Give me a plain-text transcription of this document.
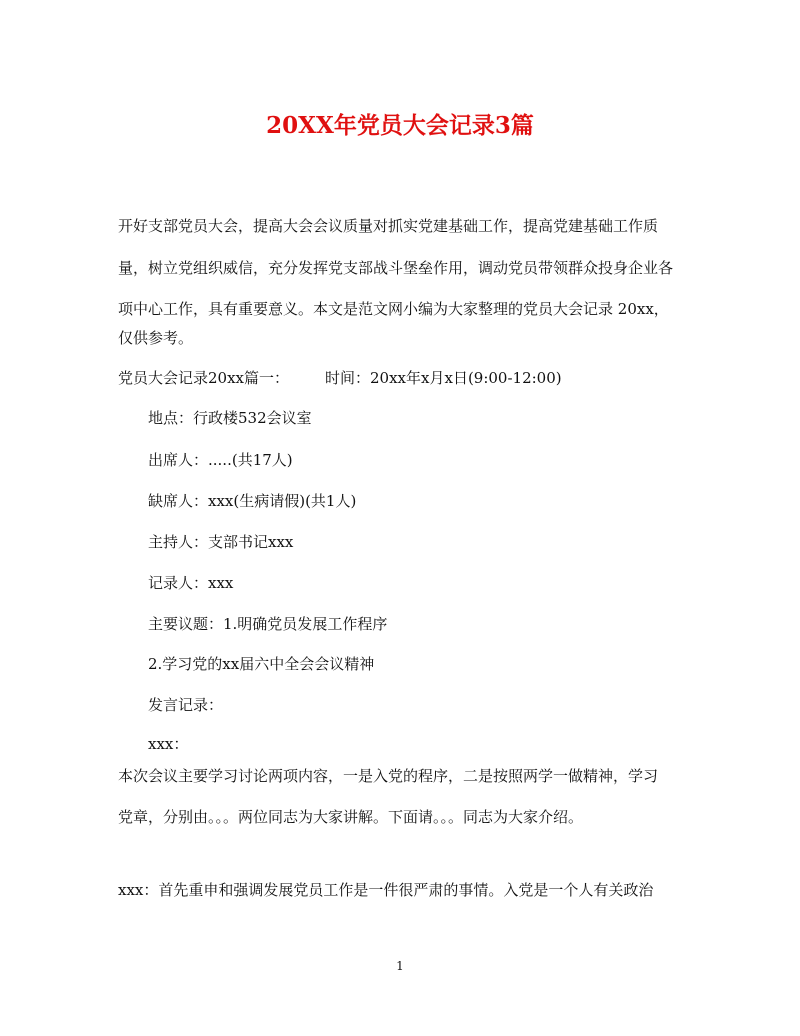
20XX年党员大会记录3篇
开好支部党员大会，提高大会会议质量对抓实党建基础工作，提高党建基础工作质
量，树立党组织威信，充分发挥党支部战斗堡垒作用，调动党员带领群众投身企业各
项中心工作，具有重要意义。本文是范文网小编为大家整理的党员大会记录 20xx，
仅供参考。
党员大会记录20xx篇一： 时间：20xx年x月x日(9:00-12:00)
地点：行政楼532会议室
出席人：.....(共17人)
缺席人：xxx(生病请假)(共1人)
主持人：支部书记xxx
记录人：xxx
主要议题：1.明确党员发展工作程序
2.学习党的xx届六中全会会议精神
发言记录：
xxx：
本次会议主要学习讨论两项内容，一是入党的程序，二是按照两学一做精神，学习
党章，分别由。。。两位同志为大家讲解。下面请。。。同志为大家介绍。
xxx：首先重申和强调发展党员工作是一件很严肃的事情。入党是一个人有关政治
1
